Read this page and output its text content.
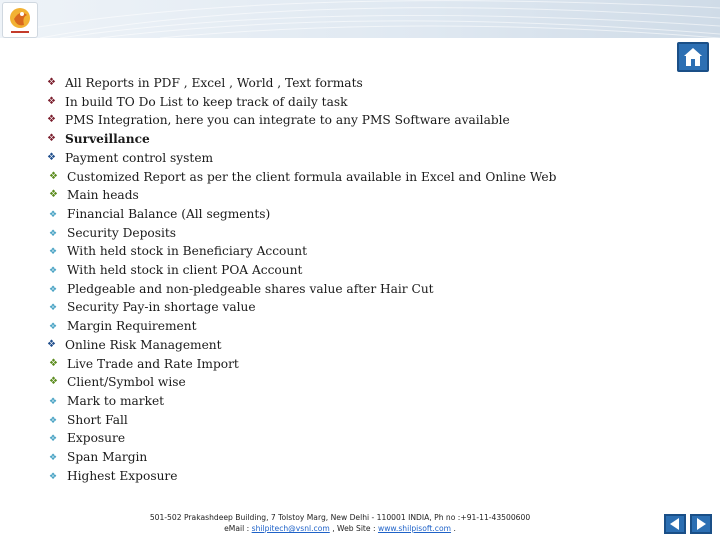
❖ All Reports in PDF , Excel , World , Text formats
❖ In build TO Do List to keep track of daily task
❖ PMS Integration, here you can integrate to any PMS Software available
❖ Surveillance
❖ Payment control system
❖ Customized Report as per the client formula available in Excel and Online Web
❖ Main heads
❖ Financial Balance (All segments)
❖ Security Deposits
❖ With held stock in Beneficiary Account
❖ With held stock in client POA Account
❖ Pledgeable and non-pledgeable shares value after Hair Cut
❖ Security Pay-in shortage value
❖ Margin Requirement
❖ Online Risk Management
❖ Live Trade and Rate Import
❖ Client/Symbol wise
❖ Mark to market
❖ Short Fall
❖ Exposure
❖ Span Margin
❖ Highest Exposure
501-502 Prakashdeep Building, 7 Tolstoy Marg, New Delhi - 110001 INDIA, Ph no :+91-11-43500600
eMail : shilpitech@vsnl.com , Web Site : www.shilpisoft.com .
